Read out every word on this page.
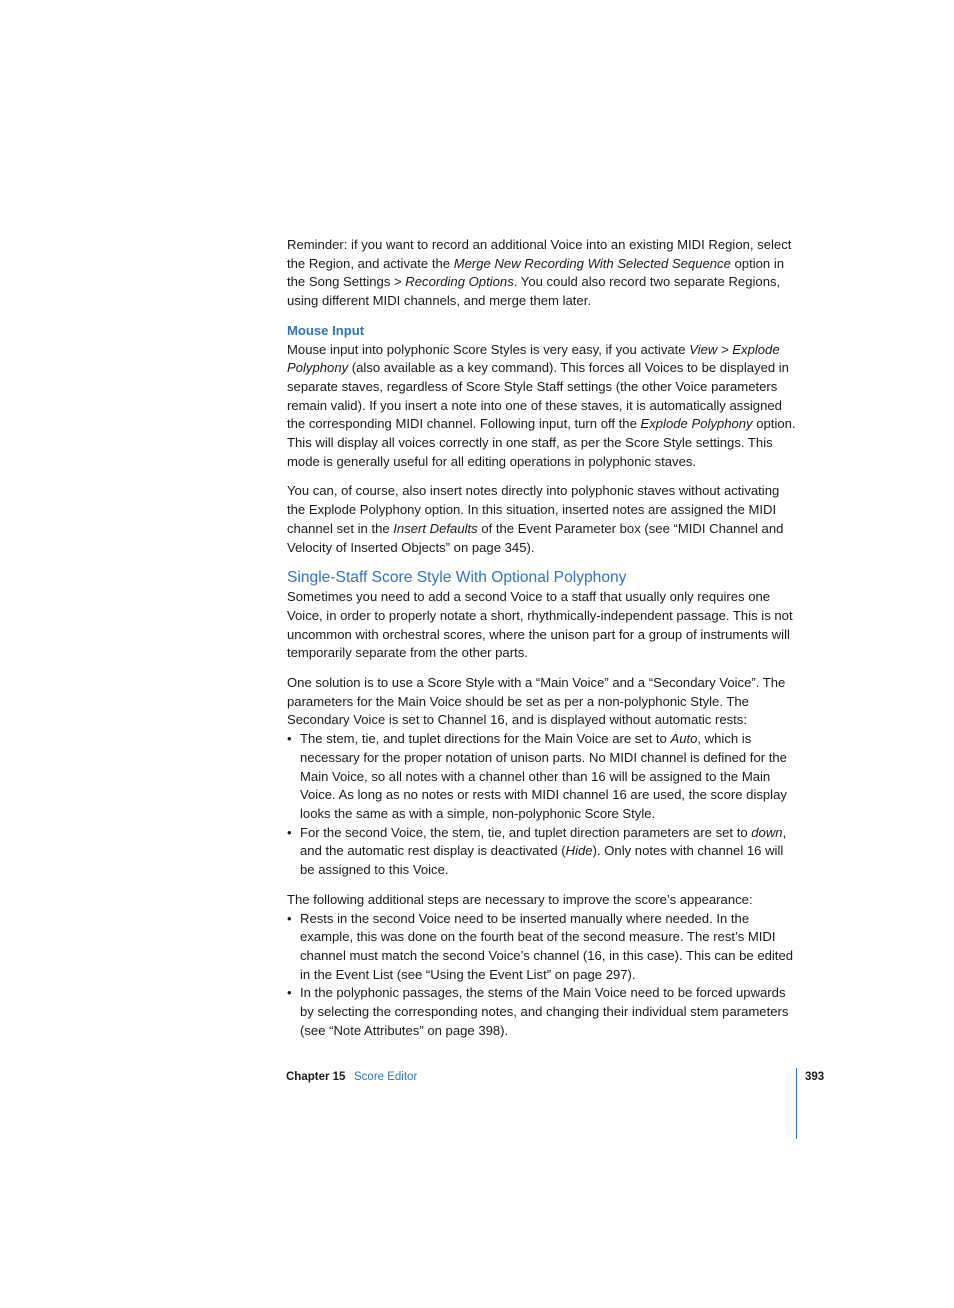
Reminder: if you want to record an additional Voice into an existing MIDI Region, select the Region, and activate the Merge New Recording With Selected Sequence option in the Song Settings > Recording Options. You could also record two separate Regions, using different MIDI channels, and merge them later.

Mouse Input

Mouse input into polyphonic Score Styles is very easy, if you activate View > Explode Polyphony (also available as a key command). This forces all Voices to be displayed in separate staves, regardless of Score Style Staff settings (the other Voice parameters remain valid). If you insert a note into one of these staves, it is automatically assigned the corresponding MIDI channel. Following input, turn off the Explode Polyphony option. This will display all voices correctly in one staff, as per the Score Style settings. This mode is generally useful for all editing operations in polyphonic staves.

You can, of course, also insert notes directly into polyphonic staves without activating the Explode Polyphony option. In this situation, inserted notes are assigned the MIDI channel set in the Insert Defaults of the Event Parameter box (see “MIDI Channel and Velocity of Inserted Objects” on page 345).

Single-Staff Score Style With Optional Polyphony

Sometimes you need to add a second Voice to a staff that usually only requires one Voice, in order to properly notate a short, rhythmically-independent passage. This is not uncommon with orchestral scores, where the unison part for a group of instruments will temporarily separate from the other parts.

One solution is to use a Score Style with a “Main Voice” and a “Secondary Voice”. The parameters for the Main Voice should be set as per a non-polyphonic Style. The Secondary Voice is set to Channel 16, and is displayed without automatic rests:

• The stem, tie, and tuplet directions for the Main Voice are set to Auto, which is necessary for the proper notation of unison parts. No MIDI channel is defined for the Main Voice, so all notes with a channel other than 16 will be assigned to the Main Voice. As long as no notes or rests with MIDI channel 16 are used, the score display looks the same as with a simple, non-polyphonic Score Style.
• For the second Voice, the stem, tie, and tuplet direction parameters are set to down, and the automatic rest display is deactivated (Hide). Only notes with channel 16 will be assigned to this Voice.

The following additional steps are necessary to improve the score’s appearance:

• Rests in the second Voice need to be inserted manually where needed. In the example, this was done on the fourth beat of the second measure. The rest’s MIDI channel must match the second Voice’s channel (16, in this case). This can be edited in the Event List (see “Using the Event List” on page 297).
• In the polyphonic passages, the stems of the Main Voice need to be forced upwards by selecting the corresponding notes, and changing their individual stem parameters (see “Note Attributes” on page 398).
Chapter 15 Score Editor	393
